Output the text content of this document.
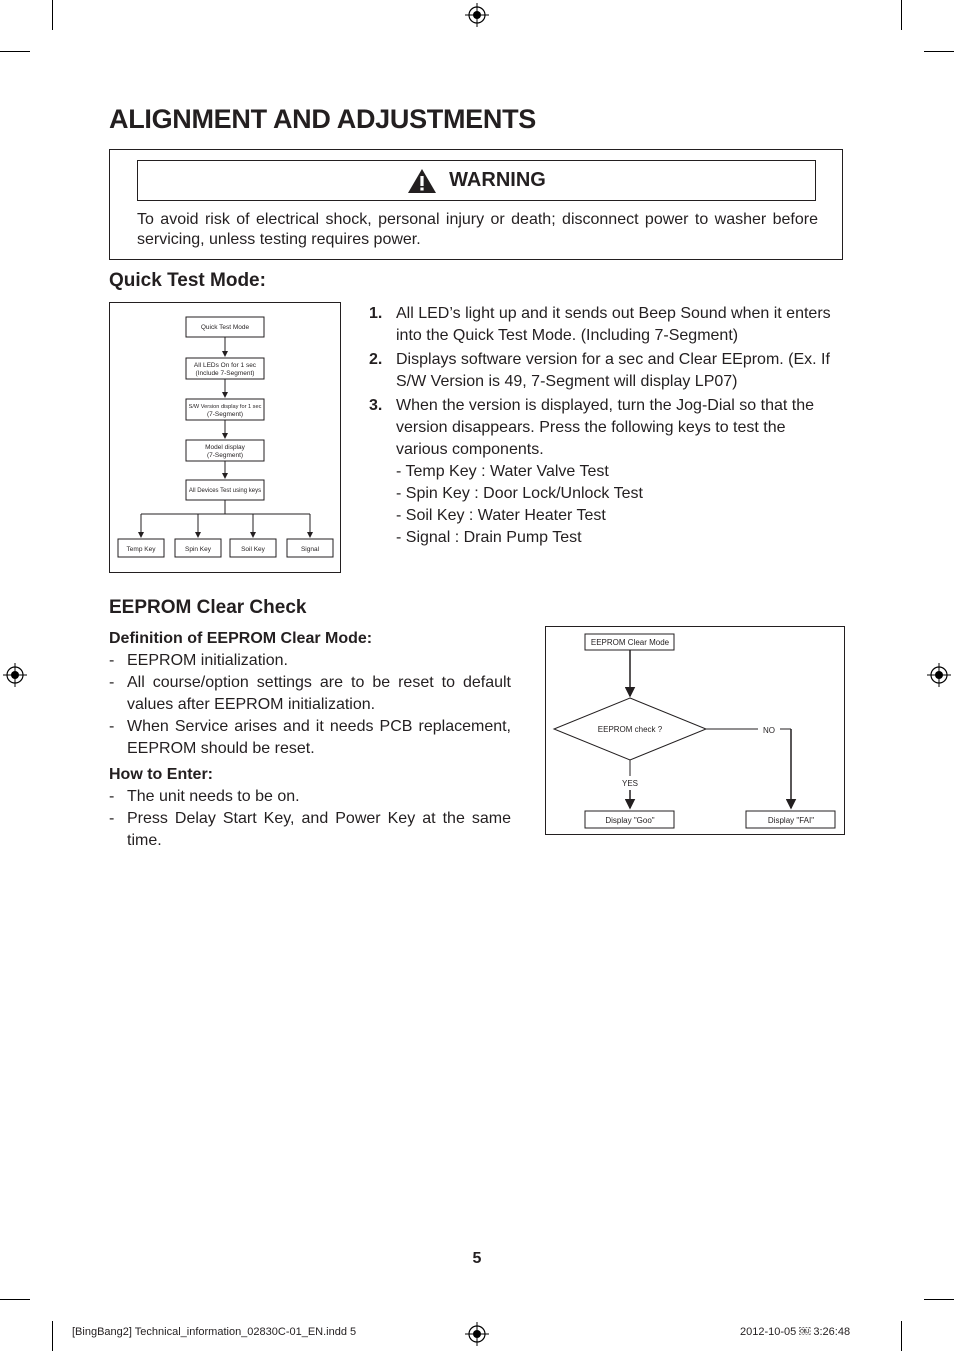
ALIGNMENT AND ADJUSTMENTS
WARNING
To avoid risk of electrical shock, personal injury or death; disconnect power to washer before servicing, unless testing requires power.
Quick Test Mode:
Quick Test Mode
All LEDs On for 1 sec
(Include 7-Segment)
S/W Version display for 1 sec
(7-Segment)
Model display
(7-Segment)
All Devices Test using keys
Temp Key	Spin Key	Soil Key	Signal
1. All LED’s light up and it sends out Beep Sound when it enters into the Quick Test Mode. (Including 7-Segment)
2. Displays software version for a sec and Clear EEprom. (Ex. If S/W Version is 49, 7-Segment will display LP07)
3. When the version is displayed, turn the Jog-Dial so that the version disappears. Press the following keys to test the various components.
- Temp Key : Water Valve Test
- Spin Key : Door Lock/Unlock Test
- Soil Key : Water Heater Test
- Signal : Drain Pump Test
EEPROM Clear Check
Definition of EEPROM Clear Mode:
- EEPROM initialization.
- All course/option settings are to be reset to default values after EEPROM initialization.
- When Service arises and it needs PCB replacement, EEPROM should be reset.
How to Enter:
- The unit needs to be on.
- Press Delay Start Key, and Power Key at the same time.
EEPROM Clear Mode
EEPROM check ?	NO
YES
Display "Goo"	Display "FAI"
5
[BingBang2] Technical_information_02830C-01_EN.indd 5	2012-10-05 ￼ 3:26:48
